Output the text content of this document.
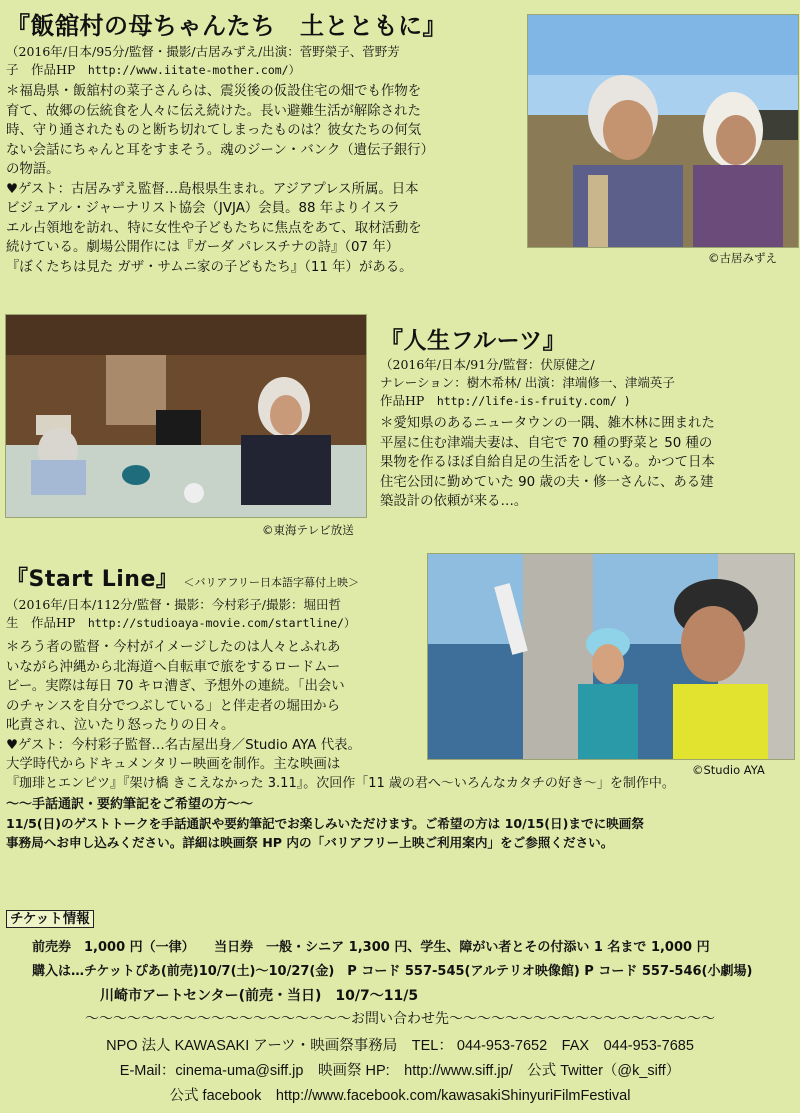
『飯舘村の母ちゃんたち　土とともに』
（2016年/日本/95分/監督・撮影/古居みずえ/出演：菅野榮子、菅野芳
子　作品HP　http://www.iitate-mother.com/）
＊福島県・飯舘村の菜子さんらは、震災後の仮設住宅の畑でも作物を
育て、故郷の伝統食を人々に伝え続けた。長い避難生活が解除された
時、守り通されたものと断ち切れてしまったものは？彼女たちの何気
ない会話にちゃんと耳をすまそう。魂のジーン・バンク（遺伝子銀行）
の物語。
♥ゲスト：古居みずえ監督…島根県生まれ。アジアプレス所属。日本
ビジュアル・ジャーナリスト協会（JVJA）会員。88 年よりイスラ
エル占領地を訪れ、特に女性や子どもたちに焦点をあて、取材活動を
続けている。劇場公開作には『ガーダ パレスチナの詩』（07 年）
『ぼくたちは見た ガザ・サムニ家の子どもたち』（11 年）がある。
©古居みずえ
©東海テレビ放送
『人生フルーツ』
（2016年/日本/91分/監督：伏原健之/
ナレーション：樹木希林/ 出演：津端修一、津端英子
作品HP　http://life-is-fruity.com/ )
＊愛知県のあるニュータウンの一隅、雑木林に囲まれた
平屋に住む津端夫妻は、自宅で 70 種の野菜と 50 種の
果物を作るほぼ自給自足の生活をしている。かつて日本
住宅公団に勤めていた 90 歳の夫・修一さんに、ある建
築設計の依頼が来る…。
『Start Line』 ＜バリアフリー日本語字幕付上映＞
（2016年/日本/112分/監督・撮影：今村彩子/撮影：堀田哲
生　作品HP　http://studioaya-movie.com/startline/）
＊ろう者の監督・今村がイメージしたのは人々とふれあ
いながら沖縄から北海道へ自転車で旅をするロードムー
ビー。実際は毎日 70 キロ漕ぎ、予想外の連続。「出会い
のチャンスを自分でつぶしている」と伴走者の堀田から
叱責され、泣いたり怒ったりの日々。
♥ゲスト：今村彩子監督…名古屋出身／Studio AYA 代表。
大学時代からドキュメンタリー映画を制作。主な映画は
『珈琲とエンピツ』『架け橋 きこえなかった 3.11』。次回作「11 歳の君へ～いろんなカタチの好き～」を制作中。
©Studio AYA
～～手話通訳・要約筆記をご希望の方～～
11/5(日)のゲストトークを手話通訳や要約筆記でお楽しみいただけます。ご希望の方は 10/15(日)までに映画祭
事務局へお申し込みください。詳細は映画祭 HP 内の「バリアフリー上映ご利用案内」をご参照ください。
チケット情報
前売券　1,000 円（一律）　　当日券　一般・シニア 1,300 円、学生、障がい者とその付添い 1 名まで 1,000 円
購入は…チケットぴあ(前売)10/7(土)～10/27(金)　P コード 557-545(アルテリオ映像館) P コード 557-546(小劇場)
川崎市アートセンター(前売・当日)　10/7～11/5
～～～～～～～～～～～～～～～～～～～お問い合わせ先～～～～～～～～～～～～～～～～～～～
NPO 法人 KAWASAKI アーツ・映画祭事務局　TEL： 044-953-7652　FAX　044-953-7685
E-Mail：cinema-uma@siff.jp　映画祭 HP:　http://www.siff.jp/　公式 Twitter（@k_siff）
公式 facebook　http://www.facebook.com/kawasakiShinyuriFilmFestival
